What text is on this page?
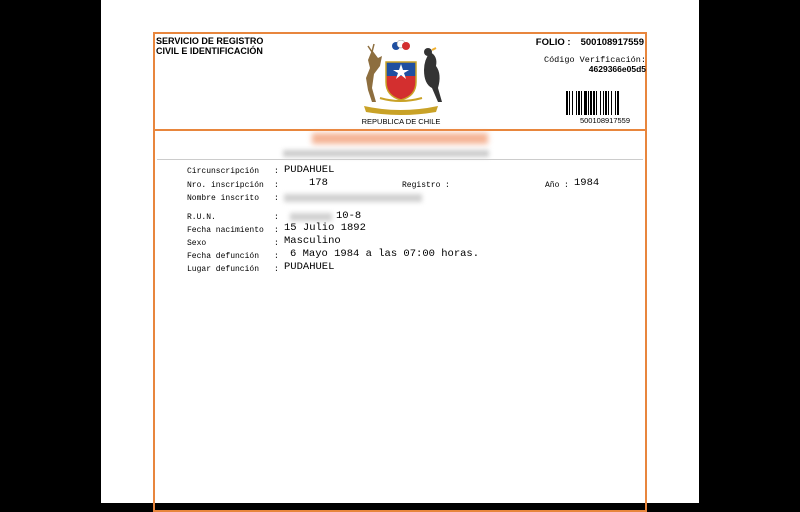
SERVICIO DE REGISTRO
CIVIL E IDENTIFICACIÓN
FOLIO : 500108917559
Código Verificación:
4629366e05d5
500108917559
REPUBLICA DE CHILE
Circunscripción : PUDAHUEL
Nro. inscripción :	178	Registro :	Año : 1984
Nombre inscrito :
R.U.N.	:	10-8
Fecha nacimiento : 15 Julio 1892
Sexo	: Masculino
Fecha defunción : 6 Mayo 1984 a las 07:00 horas.
Lugar defunción : PUDAHUEL
